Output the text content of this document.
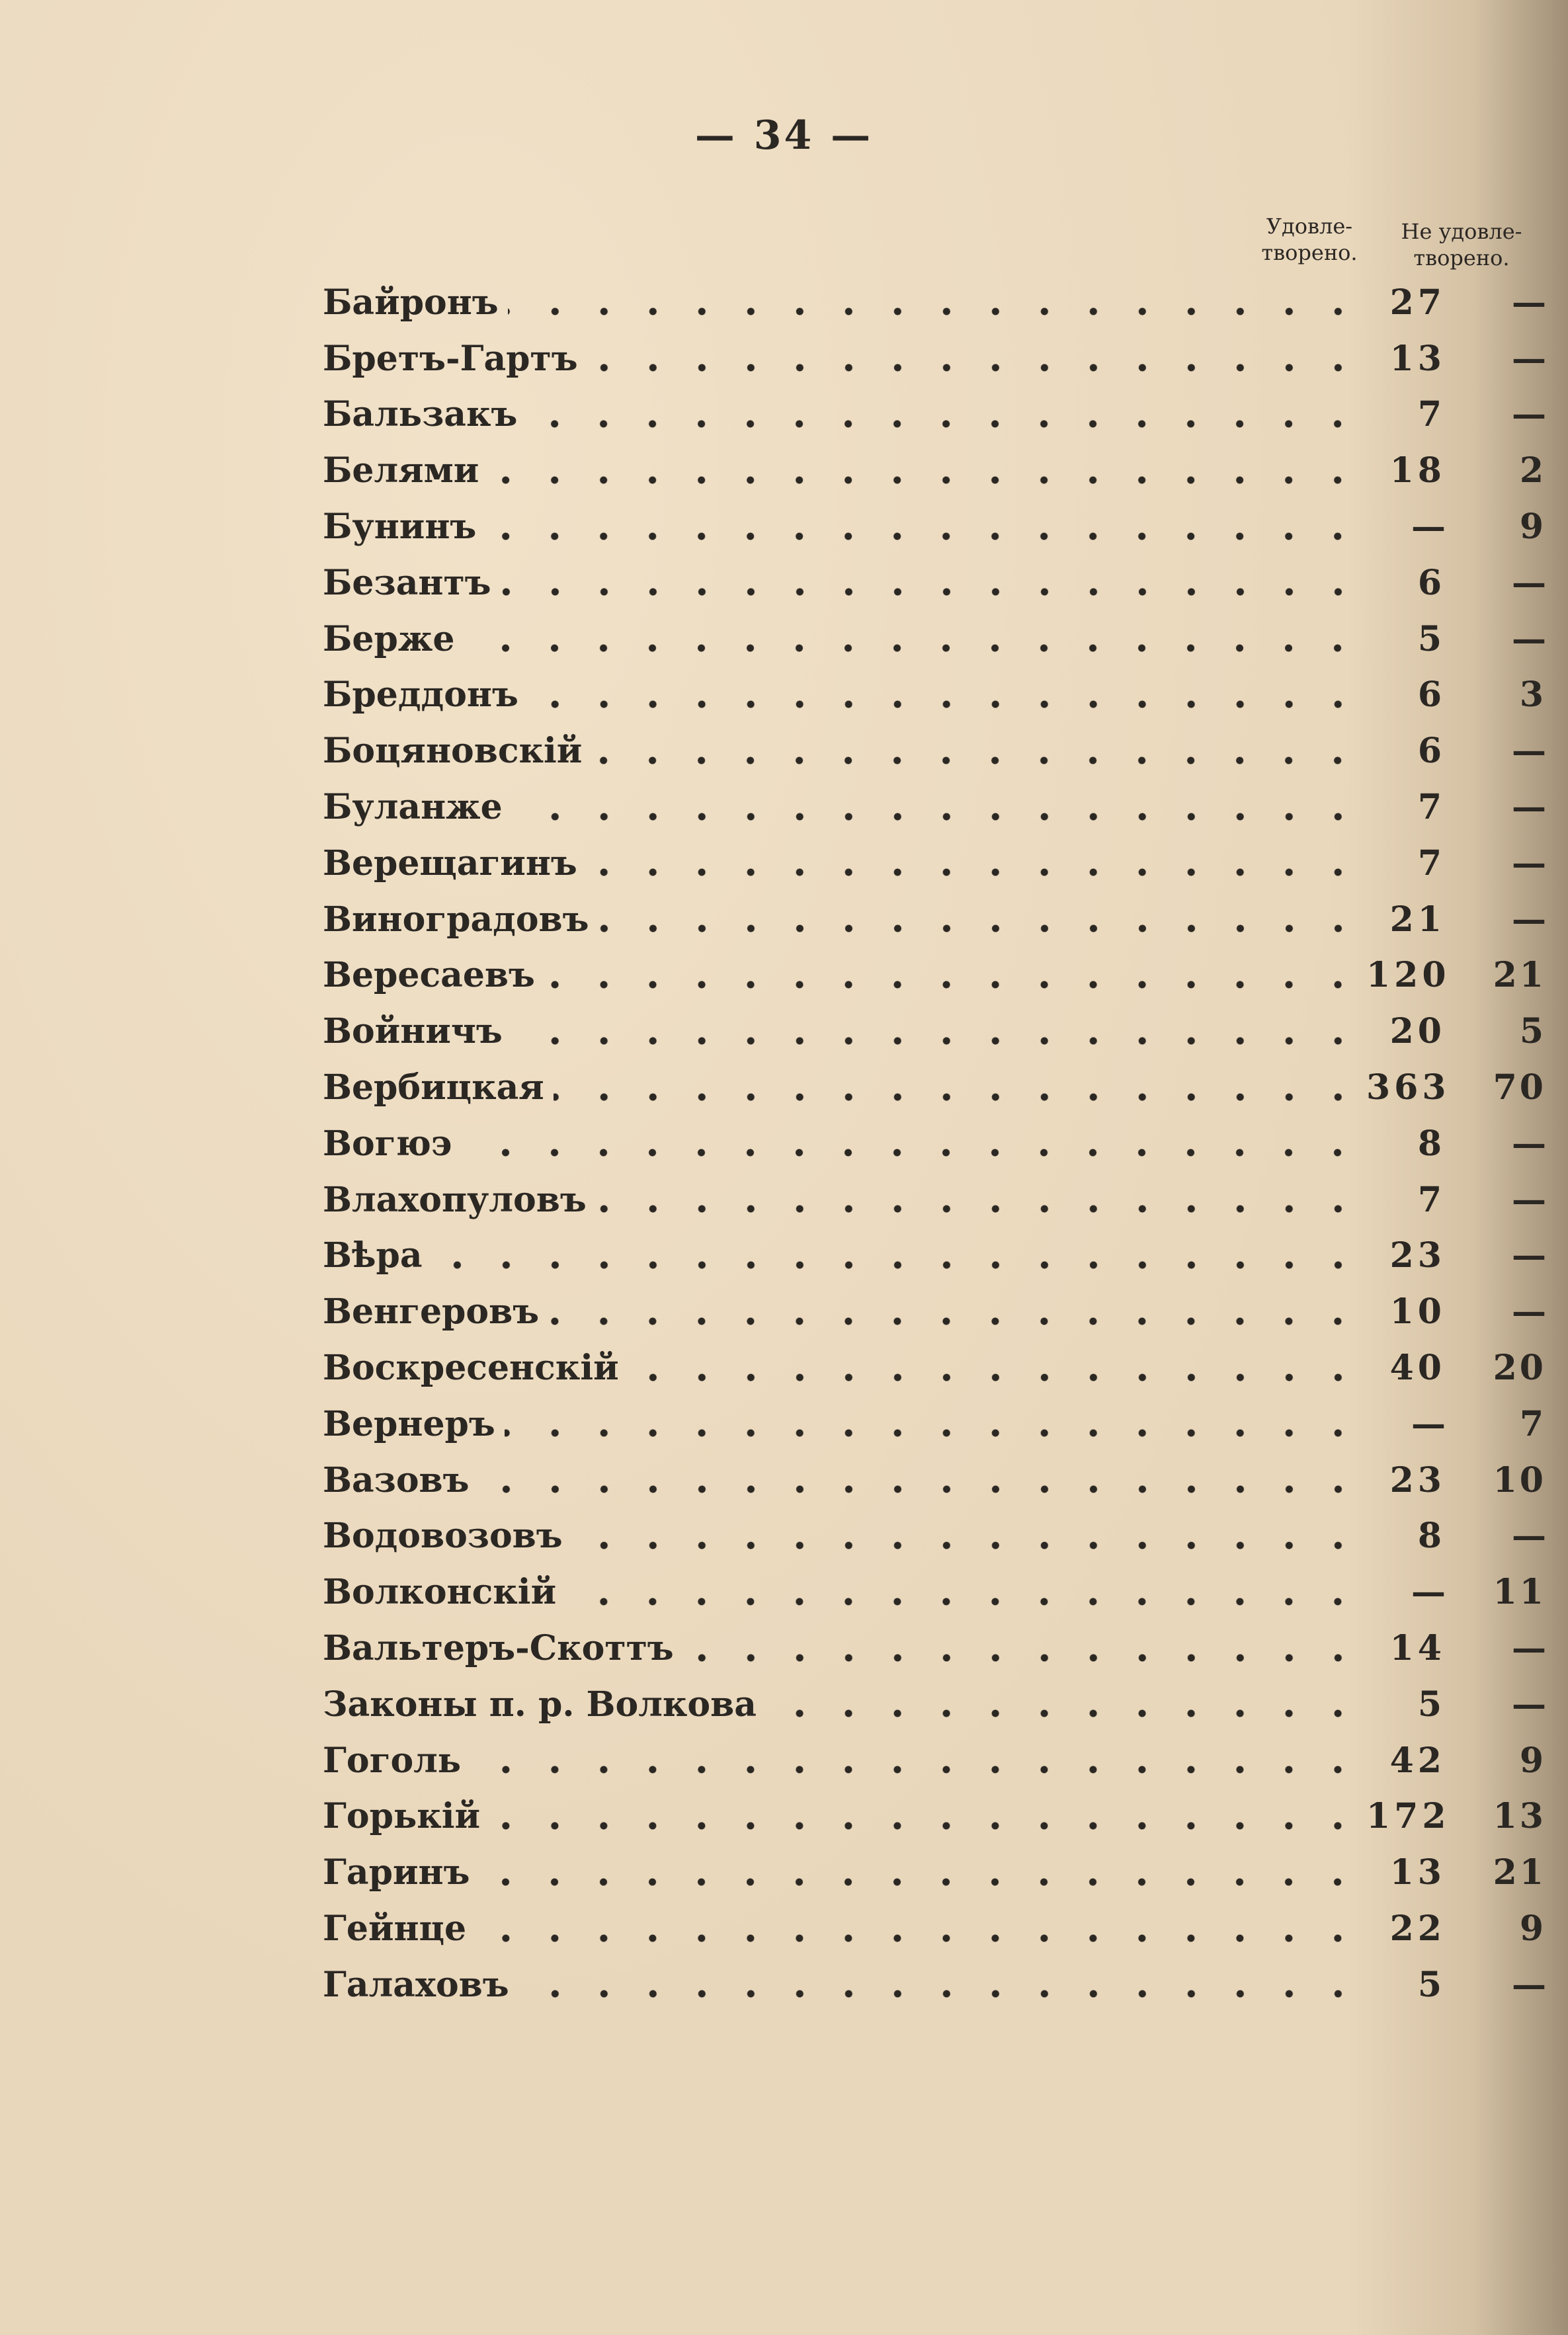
— 34 —
Удовле-
творено.
Не удовле-
творено.
Байронъ	27	—
Бретъ-Гартъ	13	—
Бальзакъ	7	—
Белями	18	2
Бунинъ	—	9
Безантъ	6	—
Берже	5	—
Бреддонъ	6	3
Боцяновскій	6	—
Буланже	7	—
Верещагинъ	7	—
Виноградовъ	21	—
Вересаевъ	120	21
Войничъ	20	5
Вербицкая	363	70
Вогюэ	8	—
Влахопуловъ	7	—
Вѣра	23	—
Венгеровъ	10	—
Воскресенскій	40	20
Вернеръ	—	7
Вазовъ	23	10
Водовозовъ	8	—
Волконскій	—	11
Вальтеръ-Скоттъ	14	—
Законы п. р. Волкова	5	—
Гоголь	42	9
Горькій	172	13
Гаринъ	13	21
Гейнце	22	9
Галаховъ	5	—
